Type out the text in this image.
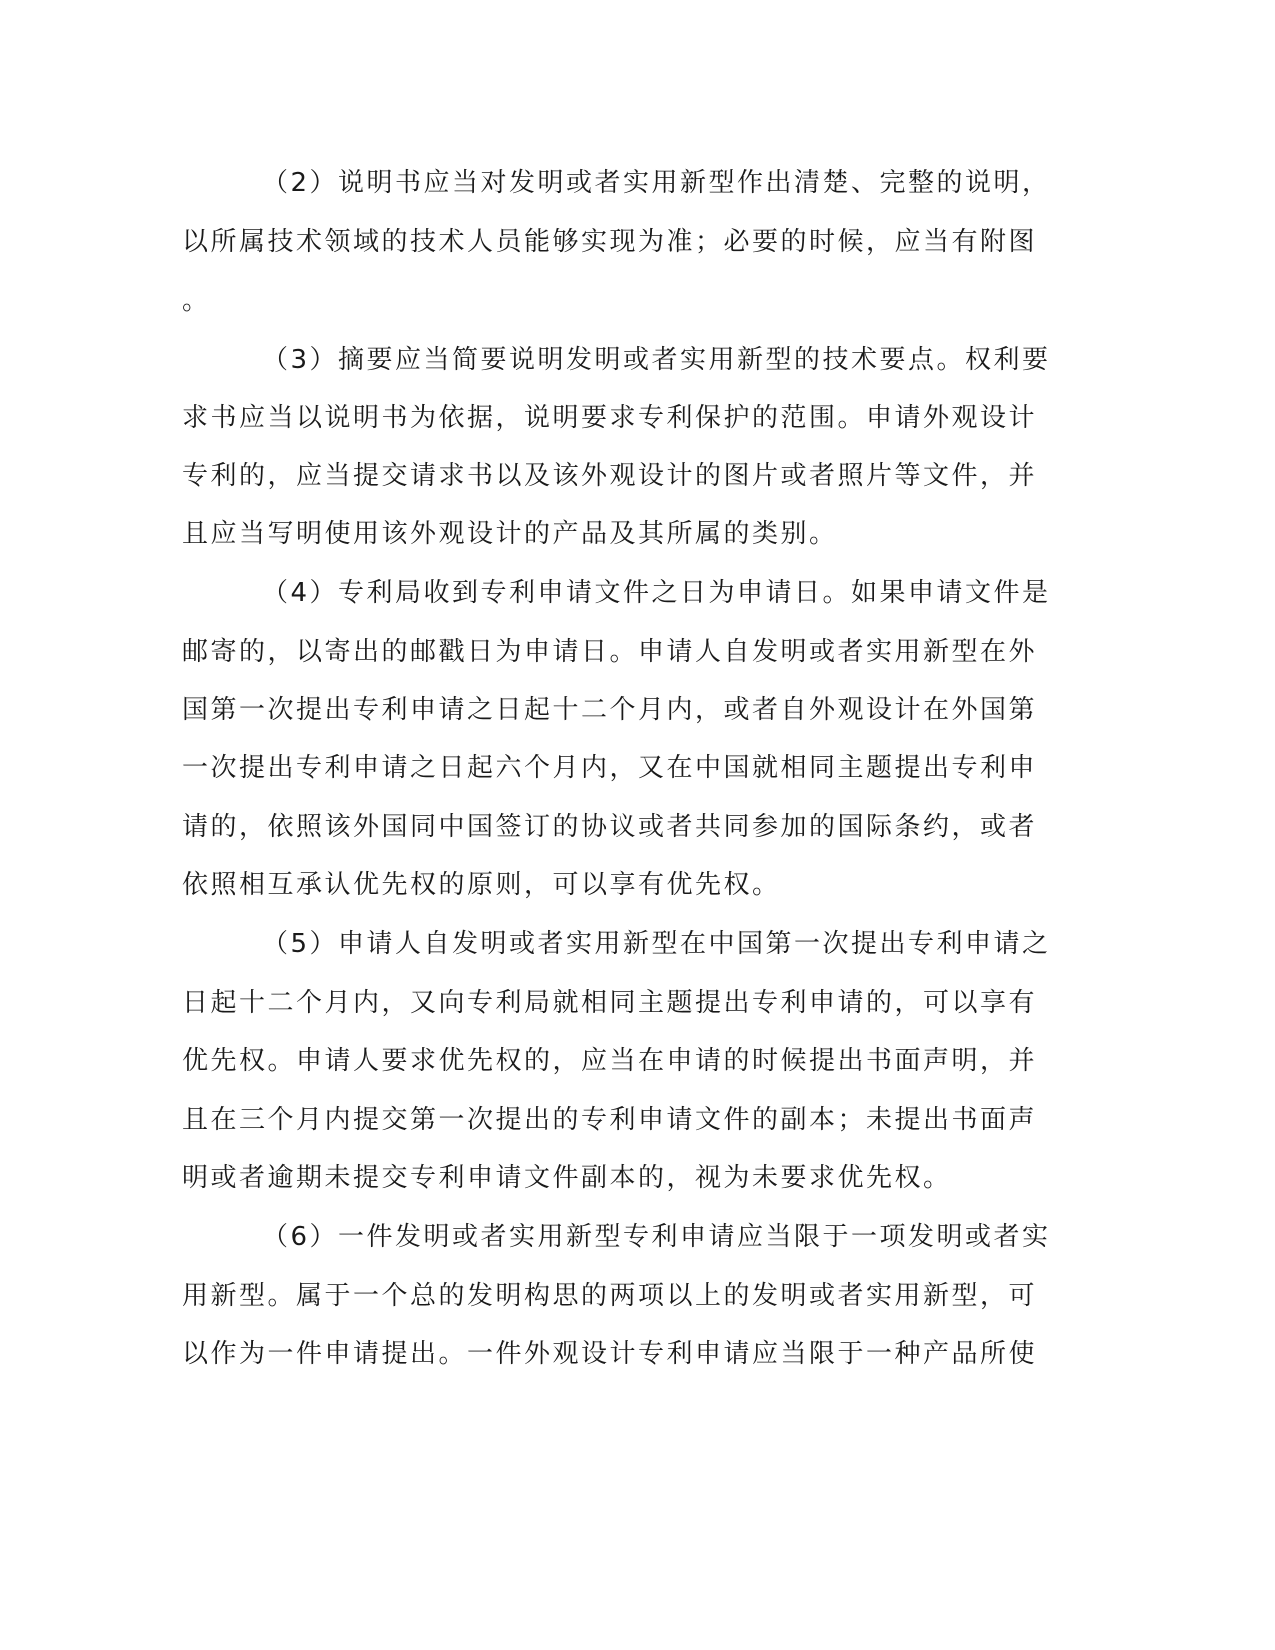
（2）说明书应当对发明或者实用新型作出清楚、完整的说明，
以所属技术领域的技术人员能够实现为准；必要的时候，应当有附图
。
（3）摘要应当简要说明发明或者实用新型的技术要点。权利要
求书应当以说明书为依据，说明要求专利保护的范围。申请外观设计
专利的，应当提交请求书以及该外观设计的图片或者照片等文件，并
且应当写明使用该外观设计的产品及其所属的类别。
（4）专利局收到专利申请文件之日为申请日。如果申请文件是
邮寄的，以寄出的邮戳日为申请日。申请人自发明或者实用新型在外
国第一次提出专利申请之日起十二个月内，或者自外观设计在外国第
一次提出专利申请之日起六个月内，又在中国就相同主题提出专利申
请的，依照该外国同中国签订的协议或者共同参加的国际条约，或者
依照相互承认优先权的原则，可以享有优先权。
（5）申请人自发明或者实用新型在中国第一次提出专利申请之
日起十二个月内，又向专利局就相同主题提出专利申请的，可以享有
优先权。申请人要求优先权的，应当在申请的时候提出书面声明，并
且在三个月内提交第一次提出的专利申请文件的副本；未提出书面声
明或者逾期未提交专利申请文件副本的，视为未要求优先权。
（6）一件发明或者实用新型专利申请应当限于一项发明或者实
用新型。属于一个总的发明构思的两项以上的发明或者实用新型，可
以作为一件申请提出。一件外观设计专利申请应当限于一种产品所使
